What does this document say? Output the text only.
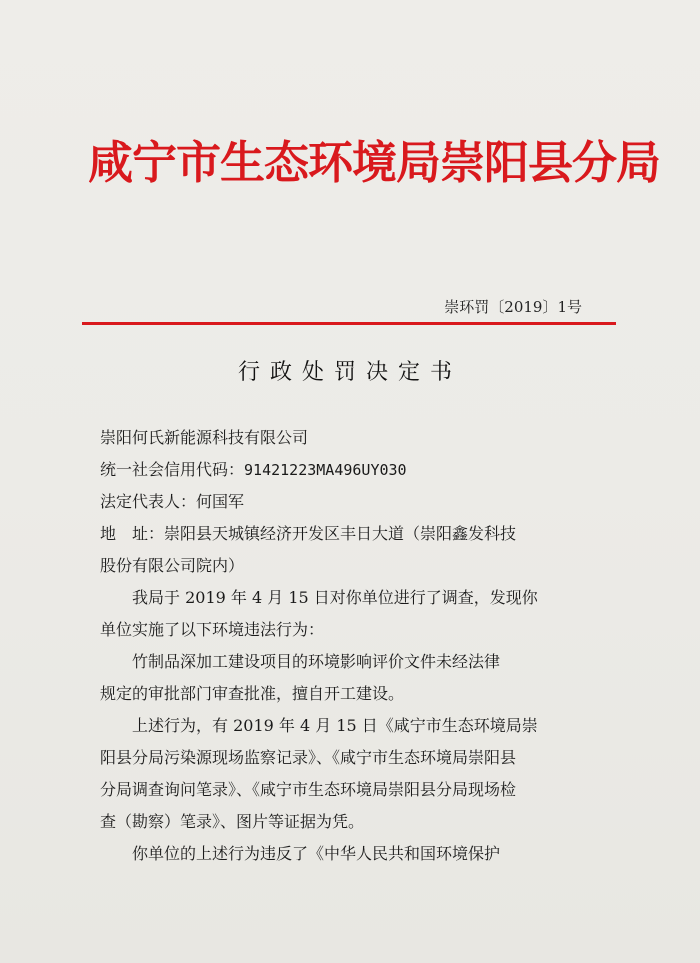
咸宁市生态环境局崇阳县分局
崇环罚〔2019〕1号
行政处罚决定书
崇阳何氏新能源科技有限公司
统一社会信用代码：91421223MA496UY030
法定代表人：何国军
地　址：崇阳县天城镇经济开发区丰日大道（崇阳鑫发科技
股份有限公司院内）
我局于 2019 年 4 月 15 日对你单位进行了调查，发现你
单位实施了以下环境违法行为：
竹制品深加工建设项目的环境影响评价文件未经法律
规定的审批部门审查批准，擅自开工建设。
上述行为，有 2019 年 4 月 15 日《咸宁市生态环境局崇
阳县分局污染源现场监察记录》、《咸宁市生态环境局崇阳县
分局调查询问笔录》、《咸宁市生态环境局崇阳县分局现场检
查（勘察）笔录》、图片等证据为凭。
你单位的上述行为违反了《中华人民共和国环境保护
